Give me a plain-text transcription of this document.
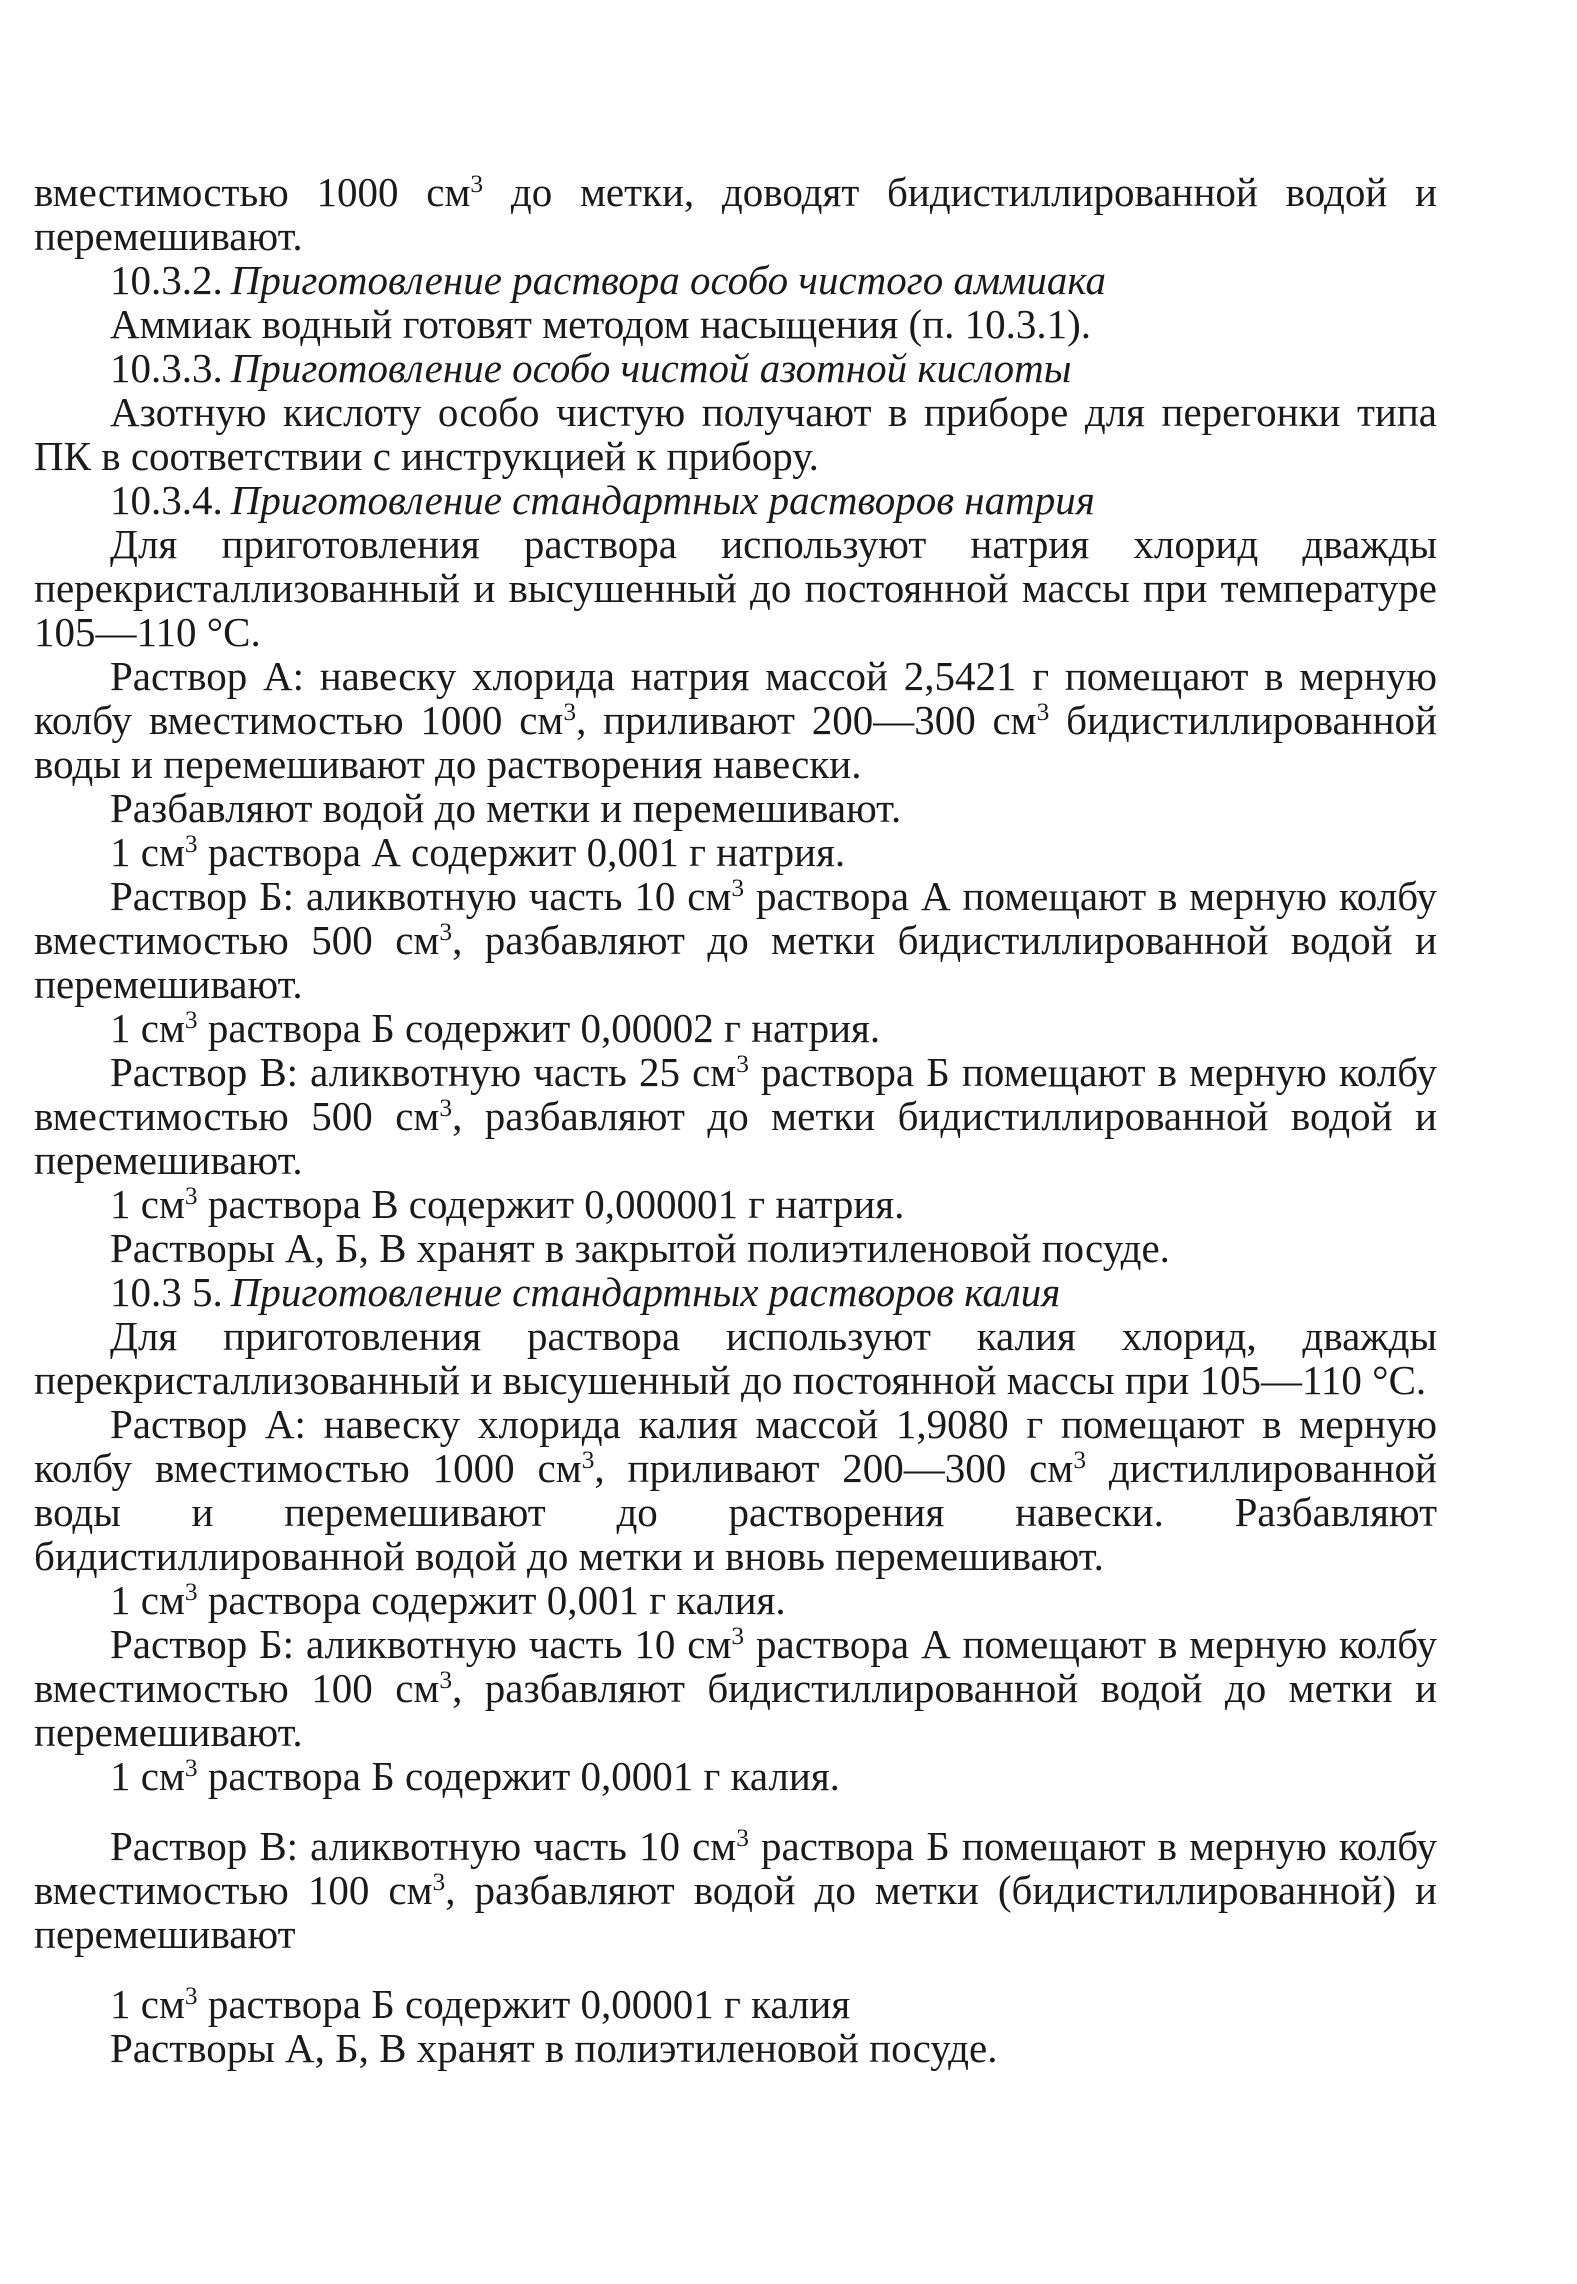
вместимостью 1000 $см^3$ до метки, доводят бидистиллированной водой и перемешивают.

10.3.2. Приготовление раствора особо чистого аммиака

Аммиак водный готовят методом насыщения (п. 10.3.1).

10.3.3. Приготовление особо чистой азотной кислоты

Азотную кислоту особо чистую получают в приборе для перегонки типа ПК в соответствии с инструкцией к прибору.

10.3.4. Приготовление стандартных растворов натрия

Для приготовления раствора используют натрия хлорид дважды перекристаллизованный и высушенный до постоянной массы при температуре 105—110 °С.

Раствор А: навеску хлорида натрия массой 2,5421 г помещают в мерную колбу вместимостью 1000 $см^3$, приливают 200—300 $см^3$ бидистиллированной воды и перемешивают до растворения навески.

Разбавляют водой до метки и перемешивают.

1 $см^3$ раствора А содержит 0,001 г натрия.

Раствор Б: аликвотную часть 10 $см^3$ раствора А помещают в мерную колбу вместимостью 500 $см^3$, разбавляют до метки бидистиллированной водой и перемешивают.

1 $см^3$ раствора Б содержит 0,00002 г натрия.

Раствор В: аликвотную часть 25 $см^3$ раствора Б помещают в мерную колбу вместимостью 500 $см^3$, разбавляют до метки бидистиллированной водой и перемешивают.

1 $см^3$ раствора В содержит 0,000001 г натрия.

Растворы А, Б, В хранят в закрытой полиэтиленовой посуде.

10.3 5. Приготовление стандартных растворов калия

Для приготовления раствора используют калия хлорид, дважды перекристаллизованный и высушенный до постоянной массы при 105—110 °С.

Раствор А: навеску хлорида калия массой 1,9080 г помещают в мерную колбу вместимостью 1000 $см^3$, приливают 200—300 $см^3$ дистиллированной воды и перемешивают до растворения навески. Разбавляют бидистиллированной водой до метки и вновь перемешивают.

1 $см^3$ раствора содержит 0,001 г калия.

Раствор Б: аликвотную часть 10 $см^3$ раствора А помещают в мерную колбу вместимостью 100 $см^3$, разбавляют бидистиллированной водой до метки и перемешивают.

1 $см^3$ раствора Б содержит 0,0001 г калия.

Раствор В: аликвотную часть 10 $см^3$ раствора Б помещают в мерную колбу вместимостью 100 $см^3$, разбавляют водой до метки (бидистиллированной) и перемешивают

1 $см^3$ раствора Б содержит 0,00001 г калия

Растворы А, Б, В хранят в полиэтиленовой посуде.
